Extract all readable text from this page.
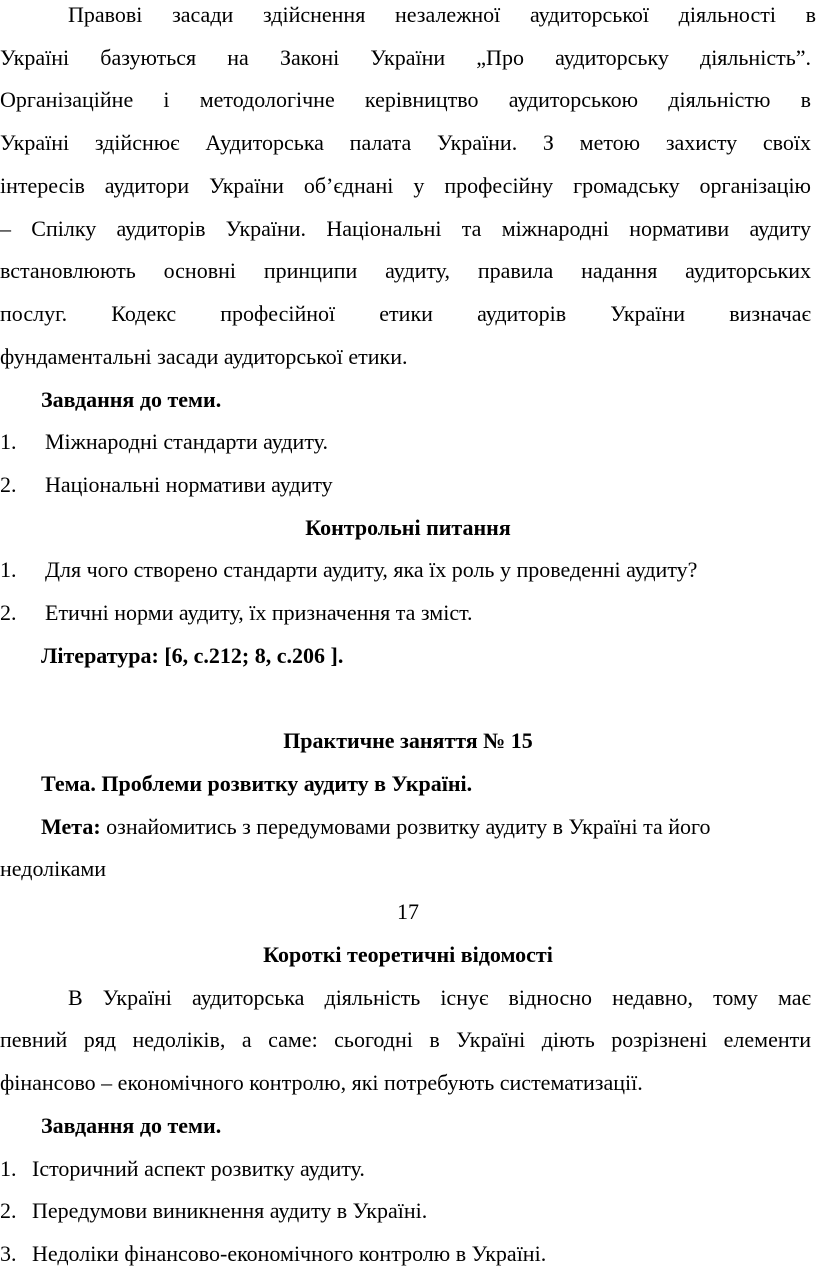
Правові засади здійснення незалежної аудиторської діяльності в
Україні базуються на Законі України „Про аудиторську діяльність”.
Організаційне і методологічне керівництво аудиторською діяльністю в
Україні здійснює Аудиторська палата України. З метою захисту своїх
інтересів аудитори України об’єднані у професійну громадську організацію
– Спілку аудиторів України. Національні та міжнародні нормативи аудиту
встановлюють основні принципи аудиту, правила надання аудиторських
послуг. Кодекс професійної етики аудиторів України визначає
фундаментальні засади аудиторської етики.
Завдання до теми.
1. Міжнародні стандарти аудиту.
2. Національні нормативи аудиту
Контрольні питання
1. Для чого створено стандарти аудиту, яка їх роль у проведенні аудиту?
2. Етичні норми аудиту, їх призначення та зміст.
Література: [6, с.212; 8, с.206 ].
Практичне заняття № 15
Тема. Проблеми розвитку аудиту в Україні.
Мета: ознайомитись з передумовами розвитку аудиту в Україні та його
недоліками
17
Короткі теоретичні відомості
В Україні аудиторська діяльність існує відносно недавно, тому має
певний ряд недоліків, а саме: сьогодні в Україні діють розрізнені елементи
фінансово – економічного контролю, які потребують систематизації.
Завдання до теми.
1. Історичний аспект розвитку аудиту.
2. Передумови виникнення аудиту в Україні.
3. Недоліки фінансово-економічного контролю в Україні.
